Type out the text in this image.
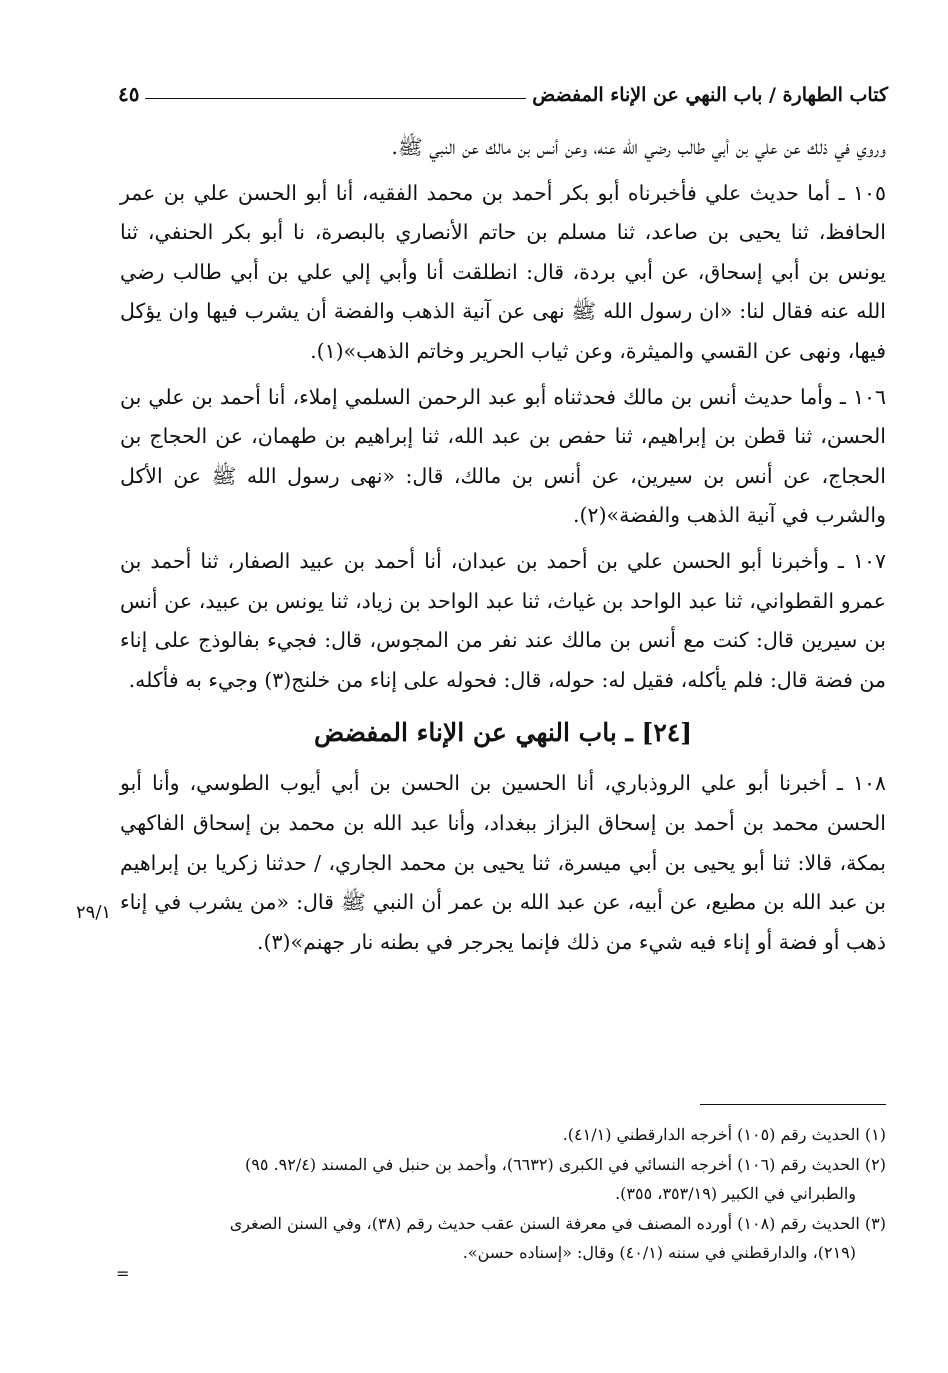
كتاب الطهارة / باب النهي عن الإناء المفضض
٤٥

وروي في ذلك عن علي بن أبي طالب رضي الله عنه، وعن أنس بن مالك عن النبي ﷺ.

١٠٥ ـ أما حديث علي فأخبرناه أبو بكر أحمد بن محمد الفقيه، أنا أبو الحسن علي بن عمر الحافظ، ثنا يحيى بن صاعد، ثنا مسلم بن حاتم الأنصاري بالبصرة، نا أبو بكر الحنفي، ثنا يونس بن أبي إسحاق، عن أبي بردة، قال: انطلقت أنا وأبي إلي علي بن أبي طالب رضي الله عنه فقال لنا: «ان رسول الله ﷺ نهى عن آنية الذهب والفضة أن يشرب فيها وان يؤكل فيها، ونهى عن القسي والميثرة، وعن ثياب الحرير وخاتم الذهب»(١).

١٠٦ ـ وأما حديث أنس بن مالك فحدثناه أبو عبد الرحمن السلمي إملاء، أنا أحمد بن علي بن الحسن، ثنا قطن بن إبراهيم، ثنا حفص بن عبد الله، ثنا إبراهيم بن طهمان، عن الحجاج بن الحجاج، عن أنس بن سيرين، عن أنس بن مالك، قال: «نهى رسول الله ﷺ عن الأكل والشرب في آنية الذهب والفضة»(٢).

١٠٧ ـ وأخبرنا أبو الحسن علي بن أحمد بن عبدان، أنا أحمد بن عبيد الصفار، ثنا أحمد بن عمرو القطواني، ثنا عبد الواحد بن غياث، ثنا عبد الواحد بن زياد، ثنا يونس بن عبيد، عن أنس بن سيرين قال: كنت مع أنس بن مالك عند نفر من المجوس، قال: فجيء بفالوذج على إناء من فضة قال: فلم يأكله، فقيل له: حوله، قال: فحوله على إناء من خلنج(٣) وجيء به فأكله.

[٢٤] ـ باب النهي عن الإناء المفضض

١٠٨ ـ أخبرنا أبو علي الروذباري، أنا الحسين بن الحسن بن أبي أيوب الطوسي، وأنا أبو الحسن محمد بن أحمد بن إسحاق البزاز ببغداد، وأنا عبد الله بن محمد بن إسحاق الفاكهي بمكة، قالا: ثنا أبو يحيى بن أبي ميسرة، ثنا يحيى بن محمد الجاري، / حدثنا زكريا بن إبراهيم بن عبد الله بن مطيع، عن أبيه، عن عبد الله بن عمر أن النبي ﷺ قال: «من يشرب في إناء ذهب أو فضة أو إناء فيه شيء من ذلك فإنما يجرجر في بطنه نار جهنم»(٣).

٢٩/١

(١) الحديث رقم (١٠٥) أخرجه الدارقطني (٤١/١).

(٢) الحديث رقم (١٠٦) أخرجه النسائي في الكبرى (٦٦٣٢)، وأحمد بن حنبل في المسند (٩٢/٤. ٩٥)

والطبراني في الكبير (٣٥٣/١٩، ٣٥٥).

(٣) الحديث رقم (١٠٨) أورده المصنف في معرفة السنن عقب حديث رقم (٣٨)، وفي السنن الصغرى

(٢١٩)، والدارقطني في سننه (٤٠/١) وقال: «إسناده حسن».

=
